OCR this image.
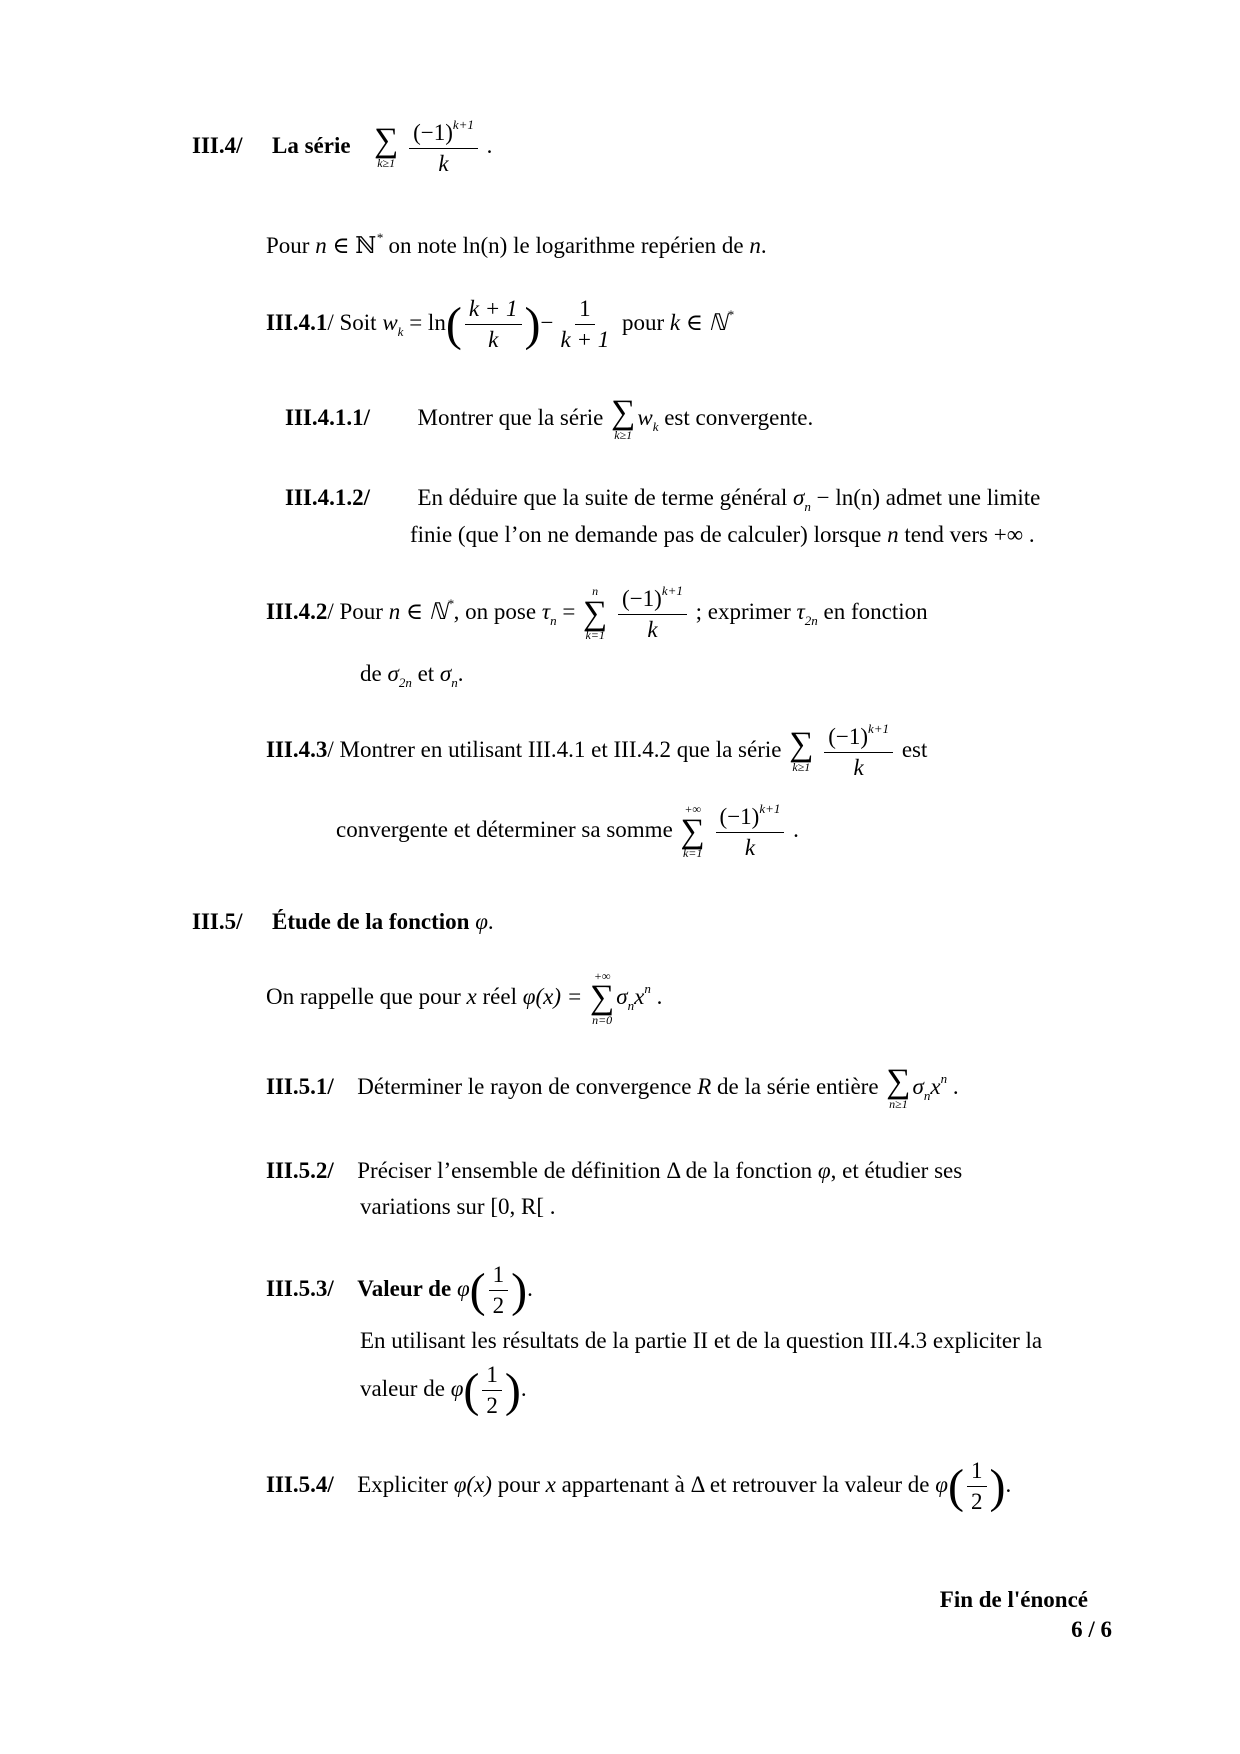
III.4/ La série ∑
k≥1
$\frac{(-1)^{k+1}}{k}$ .
Pour n ∈ ℕ* on note ln(n) le logarithme repérien de n.
III.4.1/ Soit $w_k = \ln( \frac{k + 1}{k}$ )− $\frac{1}{k + 1}$ pour k ∈ ℕ*
III.4.1.1/ Montrer que la série ∑
k≥1
$w_k$ est convergente.
III.4.1.2/ En déduire que la suite de terme général $\sigma_n - \ln(n)$ admet une limite
finie (que l’on ne demande pas de calculer) lorsque n tend vers +∞ .
III.4.2/ Pour n ∈ ℕ*, on pose $\tau_n$ =
n
∑
k=1
$\frac{(-1)^{k+1}}{k}$ ; exprimer $\tau_{2n}$ en fonction
de $\sigma_{2n}$ et $\sigma_n$.
III.4.3/ Montrer en utilisant III.4.1 et III.4.2 que la série ∑
k≥1
$\frac{(-1)^{k+1}}{k}$ est
convergente et déterminer sa somme
+∞
∑
k=1
$\frac{(-1)^{k+1}}{k}$ .
III.5/ Étude de la fonction φ.
On rappelle que pour x réel φ(x) =
+∞
∑
n=0
$\sigma_nx^n$ .
III.5.1/ Déterminer le rayon de convergence R de la série entière ∑
n≥1
$\sigma_nx^n$ .
III.5.2/ Préciser l’ensemble de définition Δ de la fonction φ, et étudier ses
variations sur [0, R[ .
III.5.3/ Valeur de $\varphi( \frac{1}{2}$ ).
En utilisant les résultats de la partie II et de la question III.4.3 expliciter la
valeur de $\varphi( \frac{1}{2}$ ).
III.5.4/ Expliciter φ(x) pour x appartenant à Δ et retrouver la valeur de $\varphi( \frac{1}{2}$ ).
Fin de l'énoncé
6 / 6
